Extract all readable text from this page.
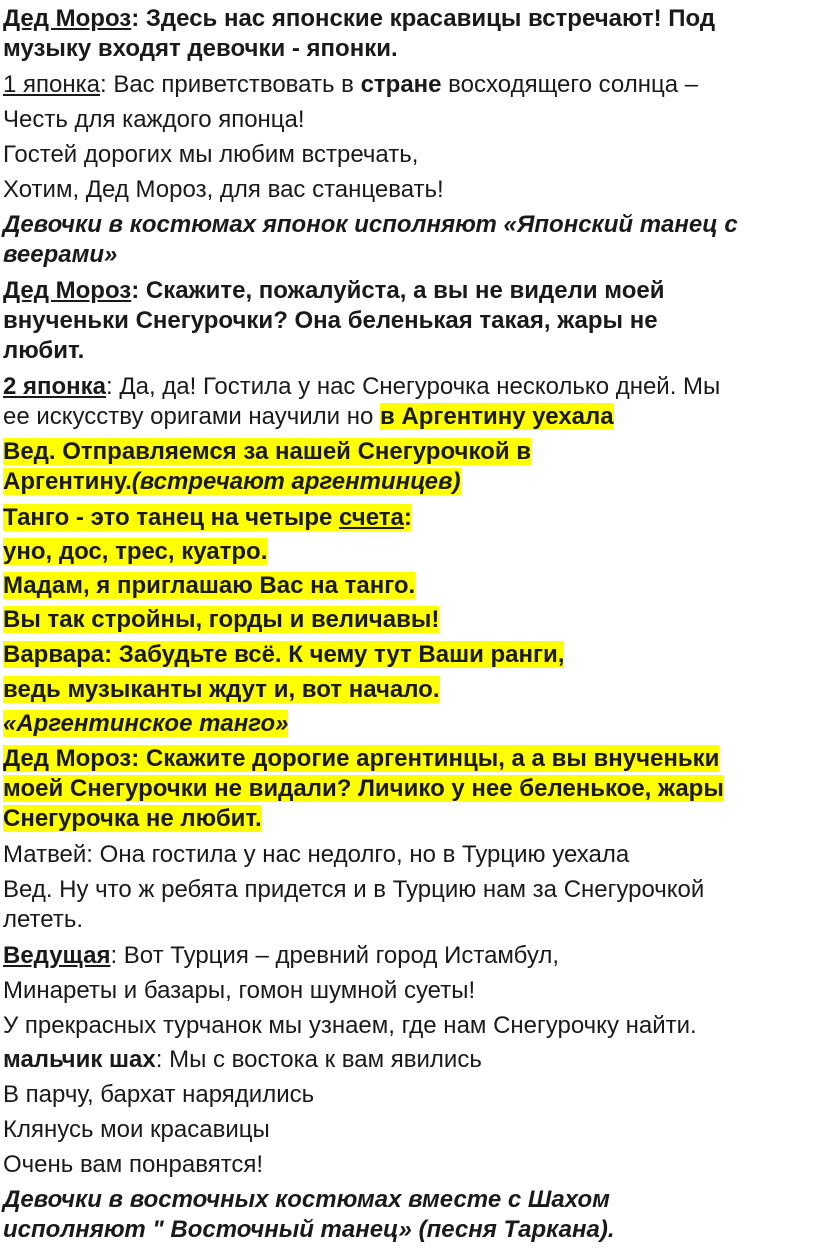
Дед Мороз: Здесь нас японские красавицы встречают! Под

музыку входят девочки - японки.

1 японка: Вас приветствовать в стране восходящего солнца –

Честь для каждого японца!

Гостей дорогих мы любим встречать,

Хотим, Дед Мороз, для вас станцевать!

Девочки в костюмах японок исполняют «Японский танец с

веерами»

Дед Мороз: Скажите, пожалуйста, а вы не видели моей

внученьки Снегурочки? Она беленькая такая, жары не

любит.

2 японка: Да, да! Гостила у нас Снегурочка несколько дней. Мы

ее искусству оригами научили но в Аргентину уехала

Вед. Отправляемся за нашей Снегурочкой в

Аргентину.(встречают аргентинцев)

Танго - это танец на четыре счета:

уно, дос, трес, куатро.

Мадам, я приглашаю Вас на танго.

Вы так стройны, горды и величавы!

Варвара: Забудьте всё. К чему тут Ваши ранги,

ведь музыканты ждут и, вот начало.

«Аргентинское танго»

Дед Мороз: Скажите дорогие аргентинцы, а а вы внученьки

моей Снегурочки не видали? Личико у нее беленькое, жары

Снегурочка не любит.

Матвей: Она гостила у нас недолго, но в Турцию уехала

Вед. Ну что ж ребята придется и в Турцию нам за Снегурочкой

лететь.

Ведущая: Вот Турция – древний город Истамбул,

Минареты и базары, гомон шумной суеты!

У прекрасных турчанок мы узнаем, где нам Снегурочку найти.

мальчик шах: Мы с востока к вам явились

В парчу, бархат нарядились

Клянусь мои красавицы

Очень вам понравятся!

Девочки в восточных костюмах вместе с Шахом

исполняют " Восточный танец» (песня Таркана).
